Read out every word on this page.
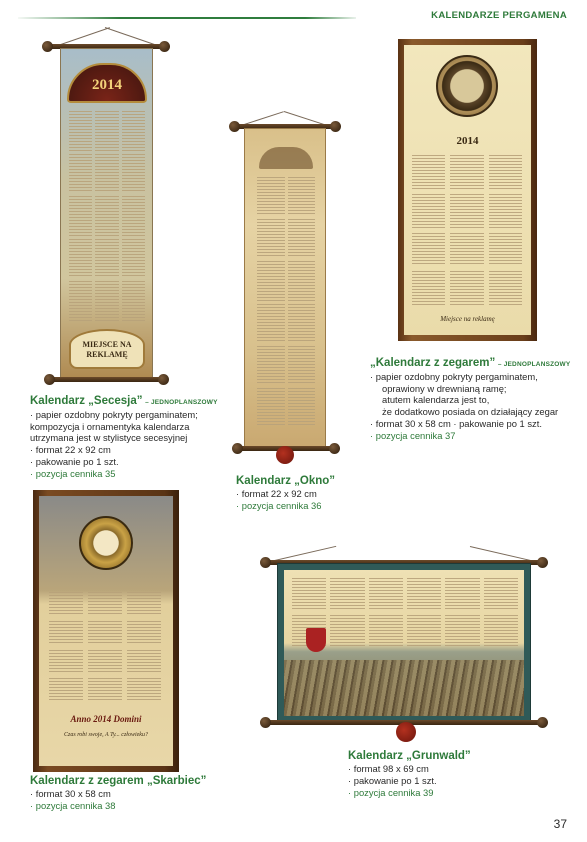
KALENDARZE PERGAMENA
2014
MIEJSCE NA
REKLAMĘ
Kalendarz „Secesja” – JEDNOPLANSZOWY
· papier ozdobny pokryty pergaminatem;
kompozycja i ornamentyka kalendarza
utrzymana jest w stylistyce secesyjnej
· format 22 x 92 cm
· pakowanie po 1 szt.
· pozycja cennika 35
Kalendarz „Okno”
· format 22 x 92 cm
· pozycja cennika 36
2014
Miejsce na reklamę
„Kalendarz z zegarem” – JEDNOPLANSZOWY
· papier ozdobny pokryty pergaminatem,
oprawiony w drewnianą ramę;
atutem kalendarza jest to,
że dodatkowo posiada on działający zegar
· format 30 x 58 cm · pakowanie po 1 szt.
· pozycja cennika 37
Anno 2014 Domini
Czas robi swoje, A Ty... człowieku?
Kalendarz z zegarem „Skarbiec”
· format 30 x 58 cm
· pozycja cennika 38
Kalendarz „Grunwald”
· format 98 x 69 cm
· pakowanie po 1 szt.
· pozycja cennika 39
37
